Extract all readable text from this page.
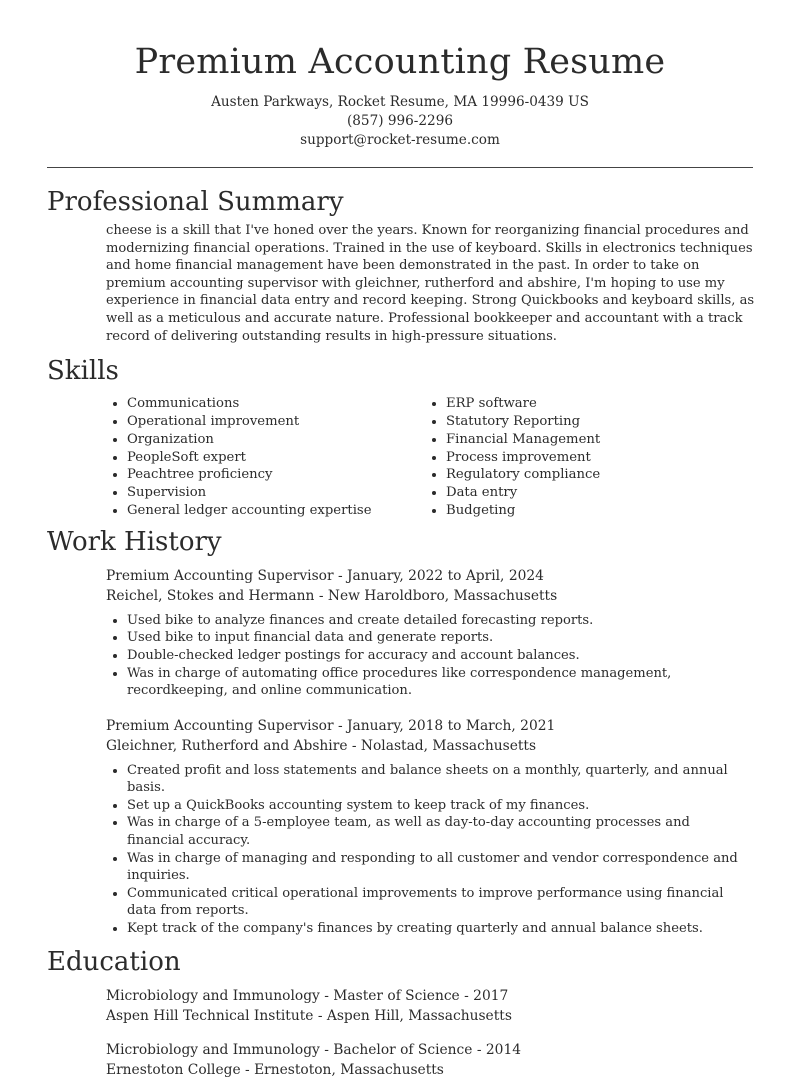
Premium Accounting Resume
Austen Parkways, Rocket Resume, MA 19996-0439 US
(857) 996-2296
support@rocket-resume.com
Professional Summary
cheese is a skill that I've honed over the years. Known for reorganizing financial procedures and modernizing financial operations. Trained in the use of keyboard. Skills in electronics techniques and home financial management have been demonstrated in the past. In order to take on premium accounting supervisor with gleichner, rutherford and abshire, I'm hoping to use my experience in financial data entry and record keeping. Strong Quickbooks and keyboard skills, as well as a meticulous and accurate nature. Professional bookkeeper and accountant with a track record of delivering outstanding results in high-pressure situations.
Skills
• Communications
• Operational improvement
• Organization
• PeopleSoft expert
• Peachtree proficiency
• Supervision
• General ledger accounting expertise
• ERP software
• Statutory Reporting
• Financial Management
• Process improvement
• Regulatory compliance
• Data entry
• Budgeting
Work History
Premium Accounting Supervisor - January, 2022 to April, 2024
Reichel, Stokes and Hermann - New Haroldboro, Massachusetts
• Used bike to analyze finances and create detailed forecasting reports.
• Used bike to input financial data and generate reports.
• Double-checked ledger postings for accuracy and account balances.
• Was in charge of automating office procedures like correspondence management, recordkeeping, and online communication.
Premium Accounting Supervisor - January, 2018 to March, 2021
Gleichner, Rutherford and Abshire - Nolastad, Massachusetts
• Created profit and loss statements and balance sheets on a monthly, quarterly, and annual basis.
• Set up a QuickBooks accounting system to keep track of my finances.
• Was in charge of a 5-employee team, as well as day-to-day accounting processes and financial accuracy.
• Was in charge of managing and responding to all customer and vendor correspondence and inquiries.
• Communicated critical operational improvements to improve performance using financial data from reports.
• Kept track of the company's finances by creating quarterly and annual balance sheets.
Education
Microbiology and Immunology - Master of Science - 2017
Aspen Hill Technical Institute - Aspen Hill, Massachusetts
Microbiology and Immunology - Bachelor of Science - 2014
Ernestoton College - Ernestoton, Massachusetts
